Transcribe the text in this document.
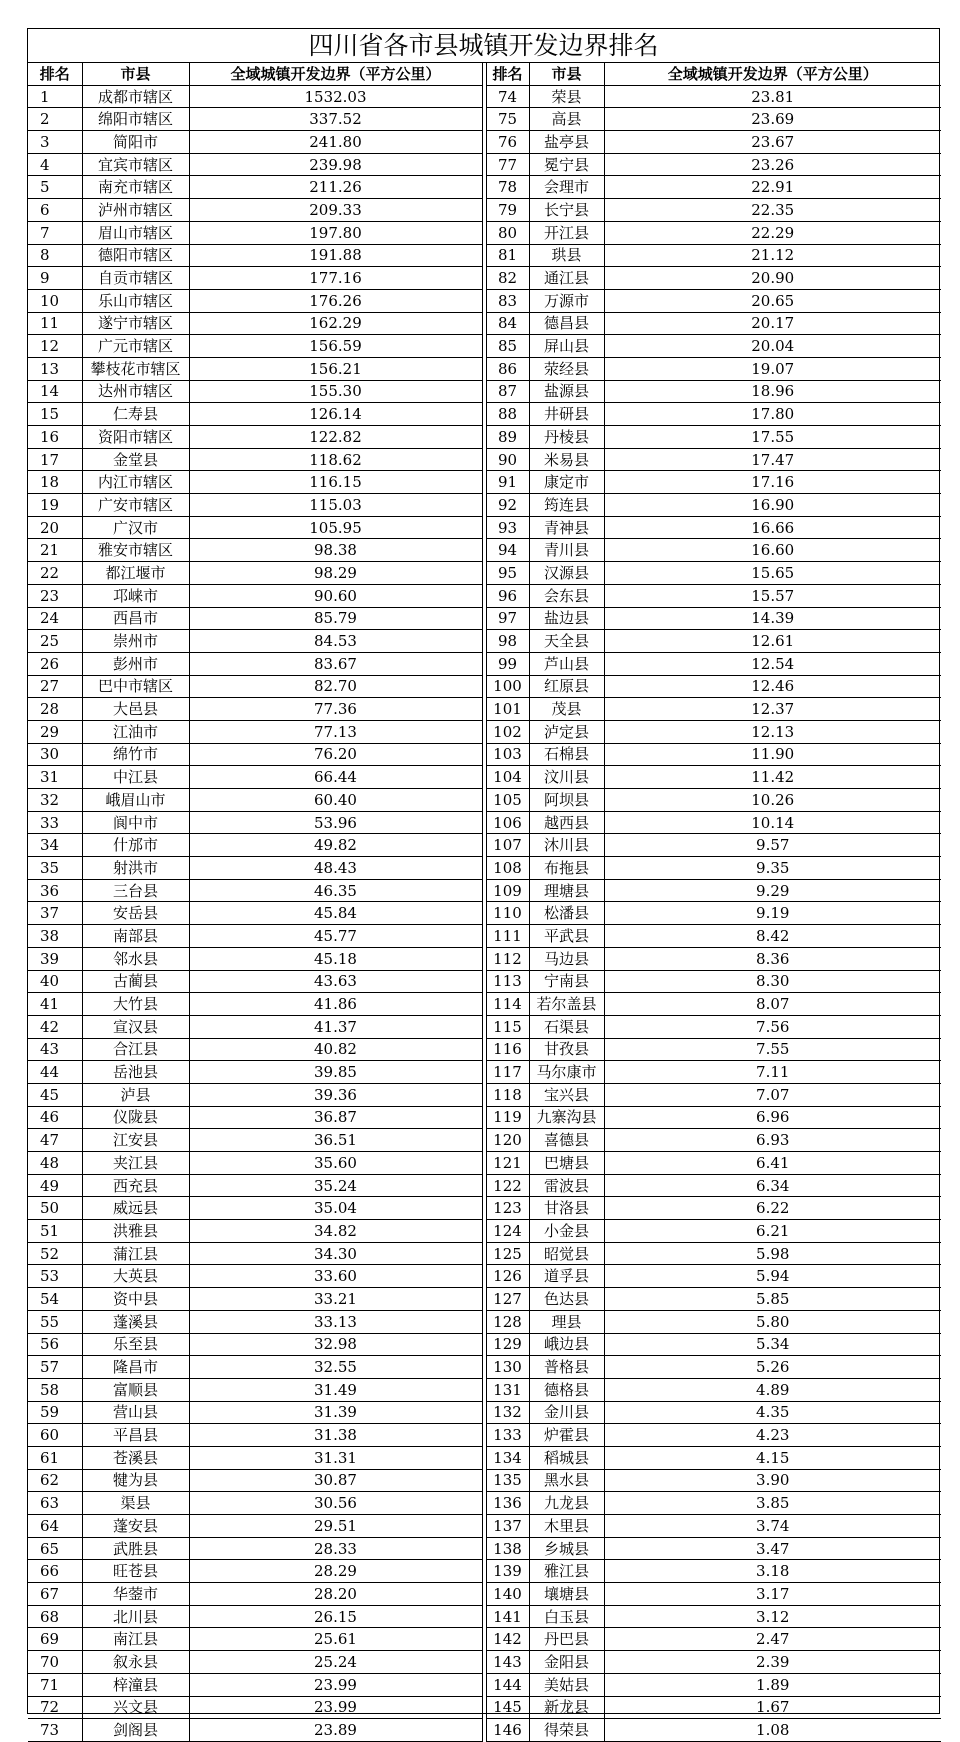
四川省各市县城镇开发边界排名
排名	市县	全域城镇开发边界（平方公里）		排名	市县	全域城镇开发边界（平方公里）
1	成都市辖区	1532.03		74	荣县	23.81
2	绵阳市辖区	337.52		75	高县	23.69
3	简阳市	241.80		76	盐亭县	23.67
4	宜宾市辖区	239.98		77	冕宁县	23.26
5	南充市辖区	211.26		78	会理市	22.91
6	泸州市辖区	209.33		79	长宁县	22.35
7	眉山市辖区	197.80		80	开江县	22.29
8	德阳市辖区	191.88		81	珙县	21.12
9	自贡市辖区	177.16		82	通江县	20.90
10	乐山市辖区	176.26		83	万源市	20.65
11	遂宁市辖区	162.29		84	德昌县	20.17
12	广元市辖区	156.59		85	屏山县	20.04
13	攀枝花市辖区	156.21		86	荥经县	19.07
14	达州市辖区	155.30		87	盐源县	18.96
15	仁寿县	126.14		88	井研县	17.80
16	资阳市辖区	122.82		89	丹棱县	17.55
17	金堂县	118.62		90	米易县	17.47
18	内江市辖区	116.15		91	康定市	17.16
19	广安市辖区	115.03		92	筠连县	16.90
20	广汉市	105.95		93	青神县	16.66
21	雅安市辖区	98.38		94	青川县	16.60
22	都江堰市	98.29		95	汉源县	15.65
23	邛崃市	90.60		96	会东县	15.57
24	西昌市	85.79		97	盐边县	14.39
25	崇州市	84.53		98	天全县	12.61
26	彭州市	83.67		99	芦山县	12.54
27	巴中市辖区	82.70		100	红原县	12.46
28	大邑县	77.36		101	茂县	12.37
29	江油市	77.13		102	泸定县	12.13
30	绵竹市	76.20		103	石棉县	11.90
31	中江县	66.44		104	汶川县	11.42
32	峨眉山市	60.40		105	阿坝县	10.26
33	阆中市	53.96		106	越西县	10.14
34	什邡市	49.82		107	沐川县	9.57
35	射洪市	48.43		108	布拖县	9.35
36	三台县	46.35		109	理塘县	9.29
37	安岳县	45.84		110	松潘县	9.19
38	南部县	45.77		111	平武县	8.42
39	邻水县	45.18		112	马边县	8.36
40	古蔺县	43.63		113	宁南县	8.30
41	大竹县	41.86		114	若尔盖县	8.07
42	宣汉县	41.37		115	石渠县	7.56
43	合江县	40.82		116	甘孜县	7.55
44	岳池县	39.85		117	马尔康市	7.11
45	泸县	39.36		118	宝兴县	7.07
46	仪陇县	36.87		119	九寨沟县	6.96
47	江安县	36.51		120	喜德县	6.93
48	夹江县	35.60		121	巴塘县	6.41
49	西充县	35.24		122	雷波县	6.34
50	威远县	35.04		123	甘洛县	6.22
51	洪雅县	34.82		124	小金县	6.21
52	蒲江县	34.30		125	昭觉县	5.98
53	大英县	33.60		126	道孚县	5.94
54	资中县	33.21		127	色达县	5.85
55	蓬溪县	33.13		128	理县	5.80
56	乐至县	32.98		129	峨边县	5.34
57	隆昌市	32.55		130	普格县	5.26
58	富顺县	31.49		131	德格县	4.89
59	营山县	31.39		132	金川县	4.35
60	平昌县	31.38		133	炉霍县	4.23
61	苍溪县	31.31		134	稻城县	4.15
62	犍为县	30.87		135	黑水县	3.90
63	渠县	30.56		136	九龙县	3.85
64	蓬安县	29.51		137	木里县	3.74
65	武胜县	28.33		138	乡城县	3.47
66	旺苍县	28.29		139	雅江县	3.18
67	华蓥市	28.20		140	壤塘县	3.17
68	北川县	26.15		141	白玉县	3.12
69	南江县	25.61		142	丹巴县	2.47
70	叙永县	25.24		143	金阳县	2.39
71	梓潼县	23.99		144	美姑县	1.89
72	兴文县	23.99		145	新龙县	1.67
73	剑阁县	23.89		146	得荣县	1.08
